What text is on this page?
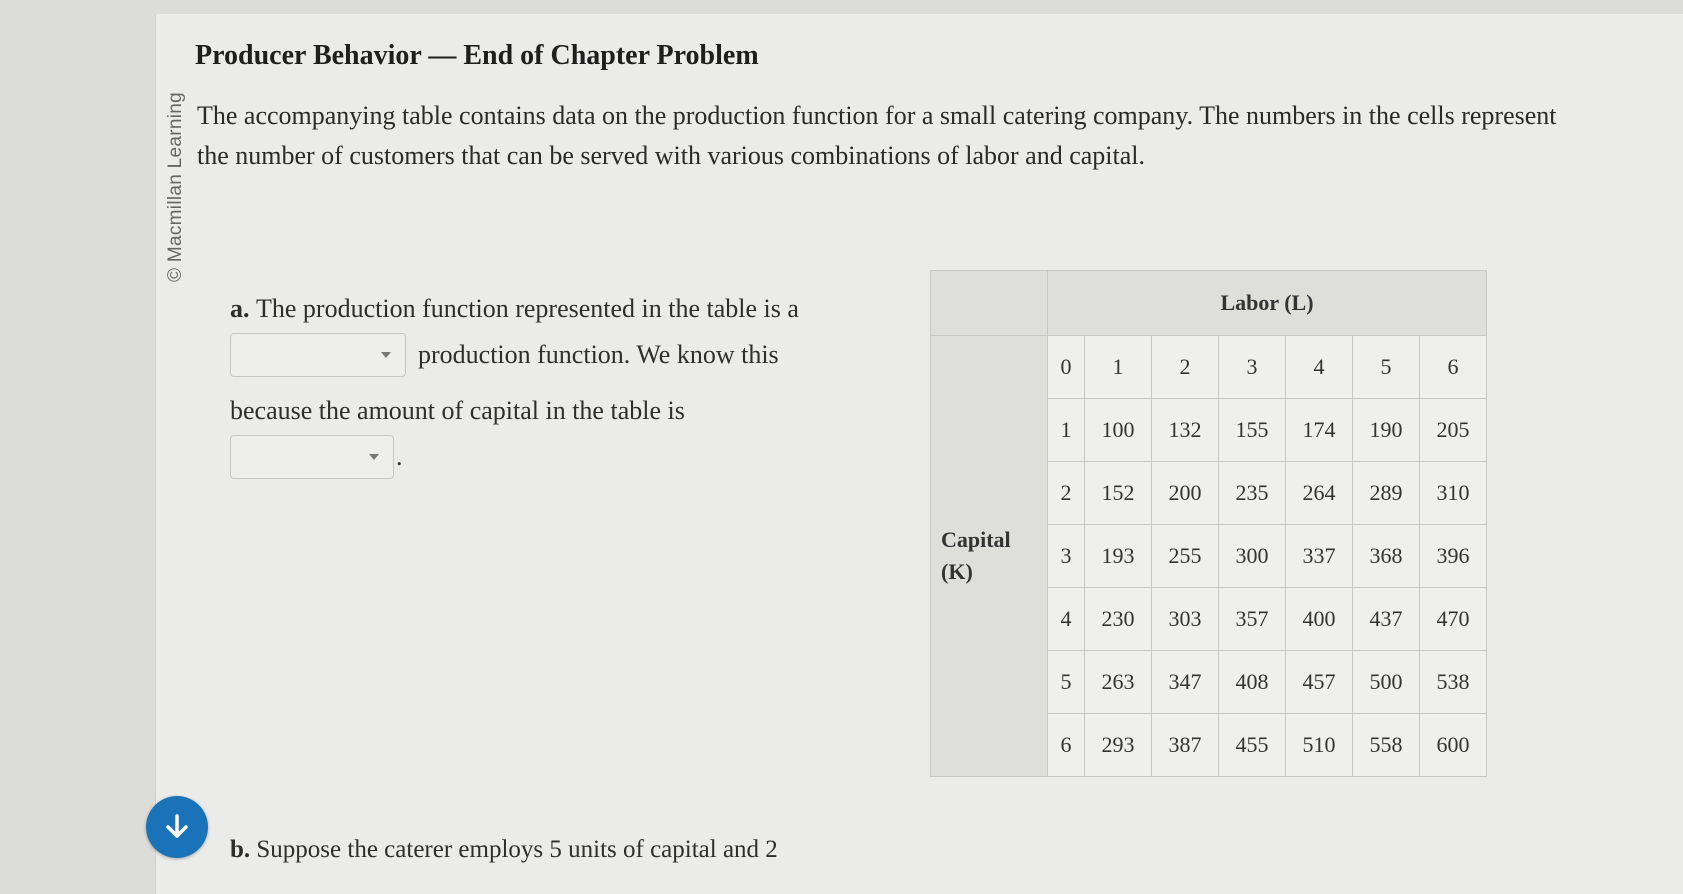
© Macmillan Learning
Producer Behavior — End of Chapter Problem
The accompanying table contains data on the production function for a small catering company. The numbers in the cells represent the number of customers that can be served with various combinations of labor and capital.
a.
The production function represented in the table is a
production function. We know this
because the amount of capital in the table is
.
	Labor (L)						
Capital
(K)	0	1	2	3	4	5	6
	1	100	132	155	174	190	205
	2	152	200	235	264	289	310
	3	193	255	300	337	368	396
	4	230	303	357	400	437	470
	5	263	347	408	457	500	538
	6	293	387	455	510	558	600
b. Suppose the caterer employs 5 units of capital and 2
